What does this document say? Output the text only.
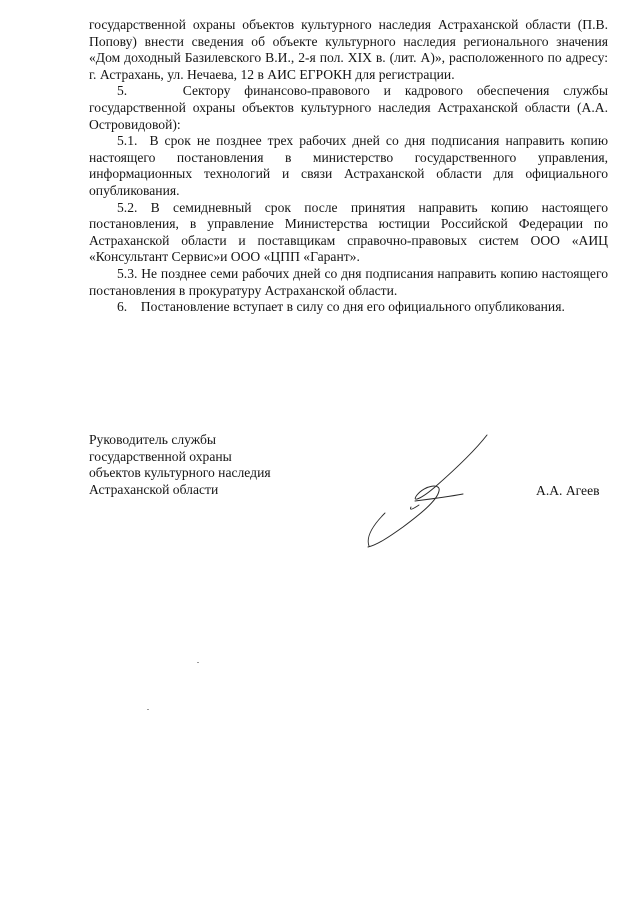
государственной охраны объектов культурного наследия Астраханской области (П.В. Попову) внести сведения об объекте культурного наследия регионального значения «Дом доходный Базилевского В.И., 2-я пол. XIX в. (лит. А)», расположенного по адресу: г. Астрахань, ул. Нечаева, 12 в АИС ЕГРОКН для регистрации.

5.    Сектору финансово-правового и кадрового обеспечения службы государственной охраны объектов культурного наследия Астраханской области (А.А. Островидовой):

5.1.  В срок не позднее трех рабочих дней со дня подписания направить копию настоящего постановления в министерство государственного управления, информационных технологий и связи Астраханской области для официального опубликования.

5.2. В семидневный срок после принятия направить копию настоящего постановления, в управление Министерства юстиции Российской Федерации по Астраханской области и поставщикам справочно-правовых систем ООО «АИЦ «Консультант Сервис»и ООО «ЦПП «Гарант».

5.3. Не позднее семи рабочих дней со дня подписания направить копию настоящего постановления в прокуратуру Астраханской области.

6.    Постановление вступает в силу со дня его официального опубликования.

Руководитель службы
государственной охраны
объектов культурного наследия
Астраханской области	А.А. Агеев
